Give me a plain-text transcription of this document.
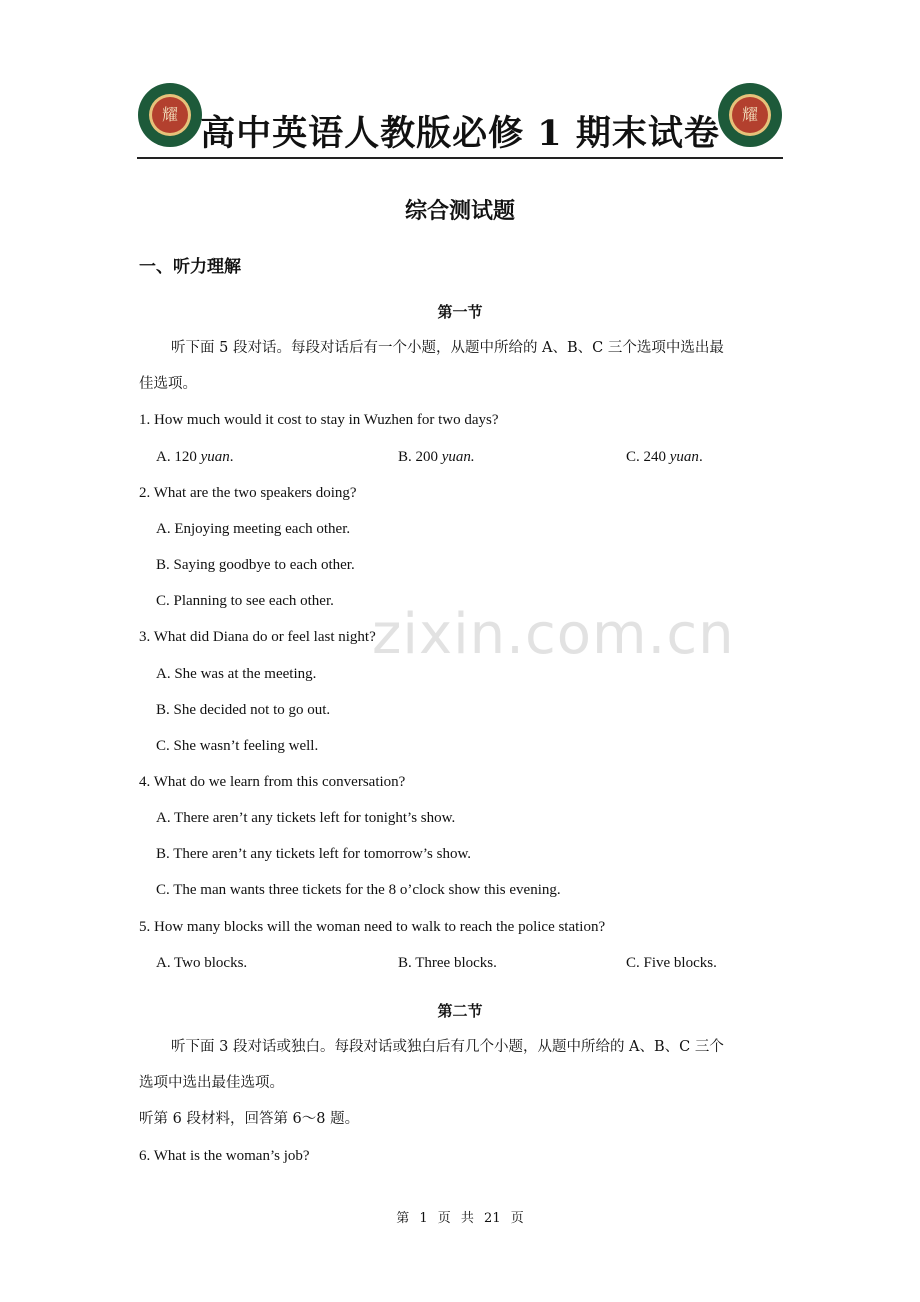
耀	耀
高中英语人教版必修 1 期末试卷
综合测试题
一、听力理解
第一节
听下面 5 段对话。每段对话后有一个小题，从题中所给的 A、B、C 三个选项中选出最
佳选项。
1. How much would it cost to stay in Wuzhen for two days?
A. 120 yuan.	B. 200 yuan.	C. 240 yuan.
2. What are the two speakers doing?
A. Enjoying meeting each other.
B. Saying goodbye to each other.
C. Planning to see each other.
3. What did Diana do or feel last night?
A. She was at the meeting.
B. She decided not to go out.
C. She wasn’t feeling well.
4. What do we learn from this conversation?
A. There aren’t any tickets left for tonight’s show.
B. There aren’t any tickets left for tomorrow’s show.
C. The man wants three tickets for the 8 o’clock show this evening.
5. How many blocks will the woman need to walk to reach the police station?
A. Two blocks.	B. Three blocks.	C. Five blocks.
第二节
听下面 3 段对话或独白。每段对话或独白后有几个小题，从题中所给的 A、B、C 三个
选项中选出最佳选项。
听第 6 段材料，回答第 6～8 题。
6. What is the woman’s job?
zixin.com.cn
第 1 页 共 21 页
